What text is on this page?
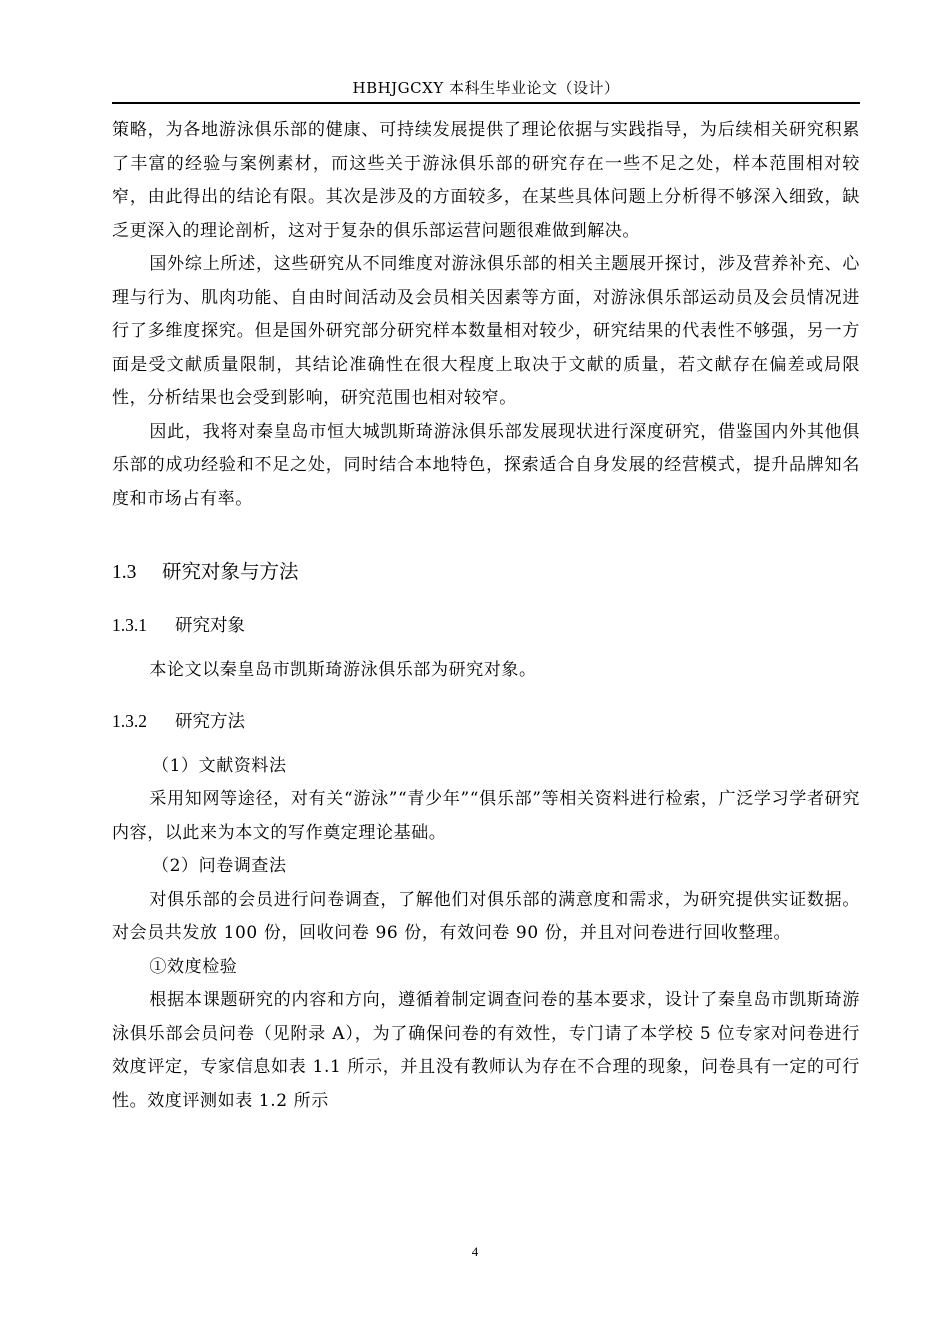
HBHJGCXY 本科生毕业论文（设计）

策略，为各地游泳俱乐部的健康、可持续发展提供了理论依据与实践指导，为后续相关研究积累了丰富的经验与案例素材，而这些关于游泳俱乐部的研究存在一些不足之处，样本范围相对较窄，由此得出的结论有限。其次是涉及的方面较多，在某些具体问题上分析得不够深入细致，缺乏更深入的理论剖析，这对于复杂的俱乐部运营问题很难做到解决。

国外综上所述，这些研究从不同维度对游泳俱乐部的相关主题展开探讨，涉及营养补充、心理与行为、肌肉功能、自由时间活动及会员相关因素等方面，对游泳俱乐部运动员及会员情况进行了多维度探究。但是国外研究部分研究样本数量相对较少，研究结果的代表性不够强，另一方面是受文献质量限制，其结论准确性在很大程度上取决于文献的质量，若文献存在偏差或局限性，分析结果也会受到影响，研究范围也相对较窄。

因此，我将对秦皇岛市恒大城凯斯琦游泳俱乐部发展现状进行深度研究，借鉴国内外其他俱乐部的成功经验和不足之处，同时结合本地特色，探索适合自身发展的经营模式，提升品牌知名度和市场占有率。

1.3 研究对象与方法
1.3.1 研究对象

本论文以秦皇岛市凯斯琦游泳俱乐部为研究对象。

1.3.2 研究方法

（1）文献资料法

采用知网等途径，对有关“游泳”“青少年”“俱乐部”等相关资料进行检索，广泛学习学者研究内容，以此来为本文的写作奠定理论基础。

（2）问卷调查法

对俱乐部的会员进行问卷调查，了解他们对俱乐部的满意度和需求，为研究提供实证数据。对会员共发放 100 份，回收问卷 96 份，有效问卷 90 份，并且对问卷进行回收整理。

①效度检验

根据本课题研究的内容和方向，遵循着制定调查问卷的基本要求，设计了秦皇岛市凯斯琦游泳俱乐部会员问卷（见附录 A），为了确保问卷的有效性，专门请了本学校 5 位专家对问卷进行效度评定，专家信息如表 1.1 所示，并且没有教师认为存在不合理的现象，问卷具有一定的可行性。效度评测如表 1.2 所示

4
